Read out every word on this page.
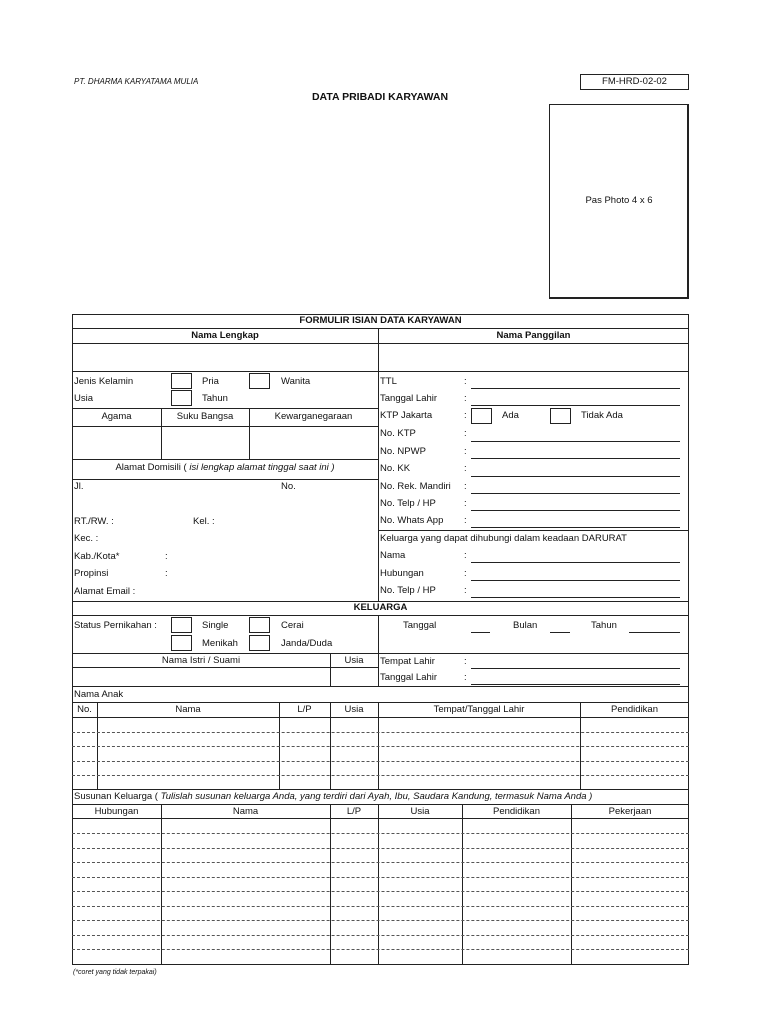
PT. DHARMA KARYATAMA MULIA	FM-HRD-02-02
DATA PRIBADI KARYAWAN
Pas Photo 4 x 6
FORMULIR ISIAN DATA KARYAWAN
Nama Lengkap	Nama Panggilan
Jenis Kelamin	Pria	Wanita
Usia	Tahun
Agama	Suku Bangsa	Kewarganegaraan
Alamat Domisili ( isi lengkap alamat tinggal saat ini )
Jl.	No.
RT./RW. :	Kel. :
Kec. :
Kab./Kota*	:
Propinsi	:
Alamat Email :
TTL	:
Tanggal Lahir	:
KTP Jakarta	:	Ada	Tidak Ada
No. KTP	:
No. NPWP	:
No. KK	:
No. Rek. Mandiri :
No. Telp / HP	:
No. Whats App :
Keluarga yang dapat dihubungi dalam keadaan DARURAT
Nama	:
Hubungan	:
No. Telp / HP	:
KELUARGA
Status Pernikahan :	Single	Cerai
Menikah	Janda/Duda
Tanggal	Bulan	Tahun
Nama Istri / Suami	Usia	Tempat Lahir	:
Tanggal Lahir	:
Nama Anak
No.	Nama	L/P	Usia	Tempat/Tanggal Lahir	Pendidikan
Susunan Keluarga ( Tulislah susunan keluarga Anda, yang terdiri dari Ayah, Ibu, Saudara Kandung, termasuk Nama Anda )
Hubungan	Nama	L/P	Usia	Pendidikan	Pekerjaan
(*coret yang tidak terpakai)
